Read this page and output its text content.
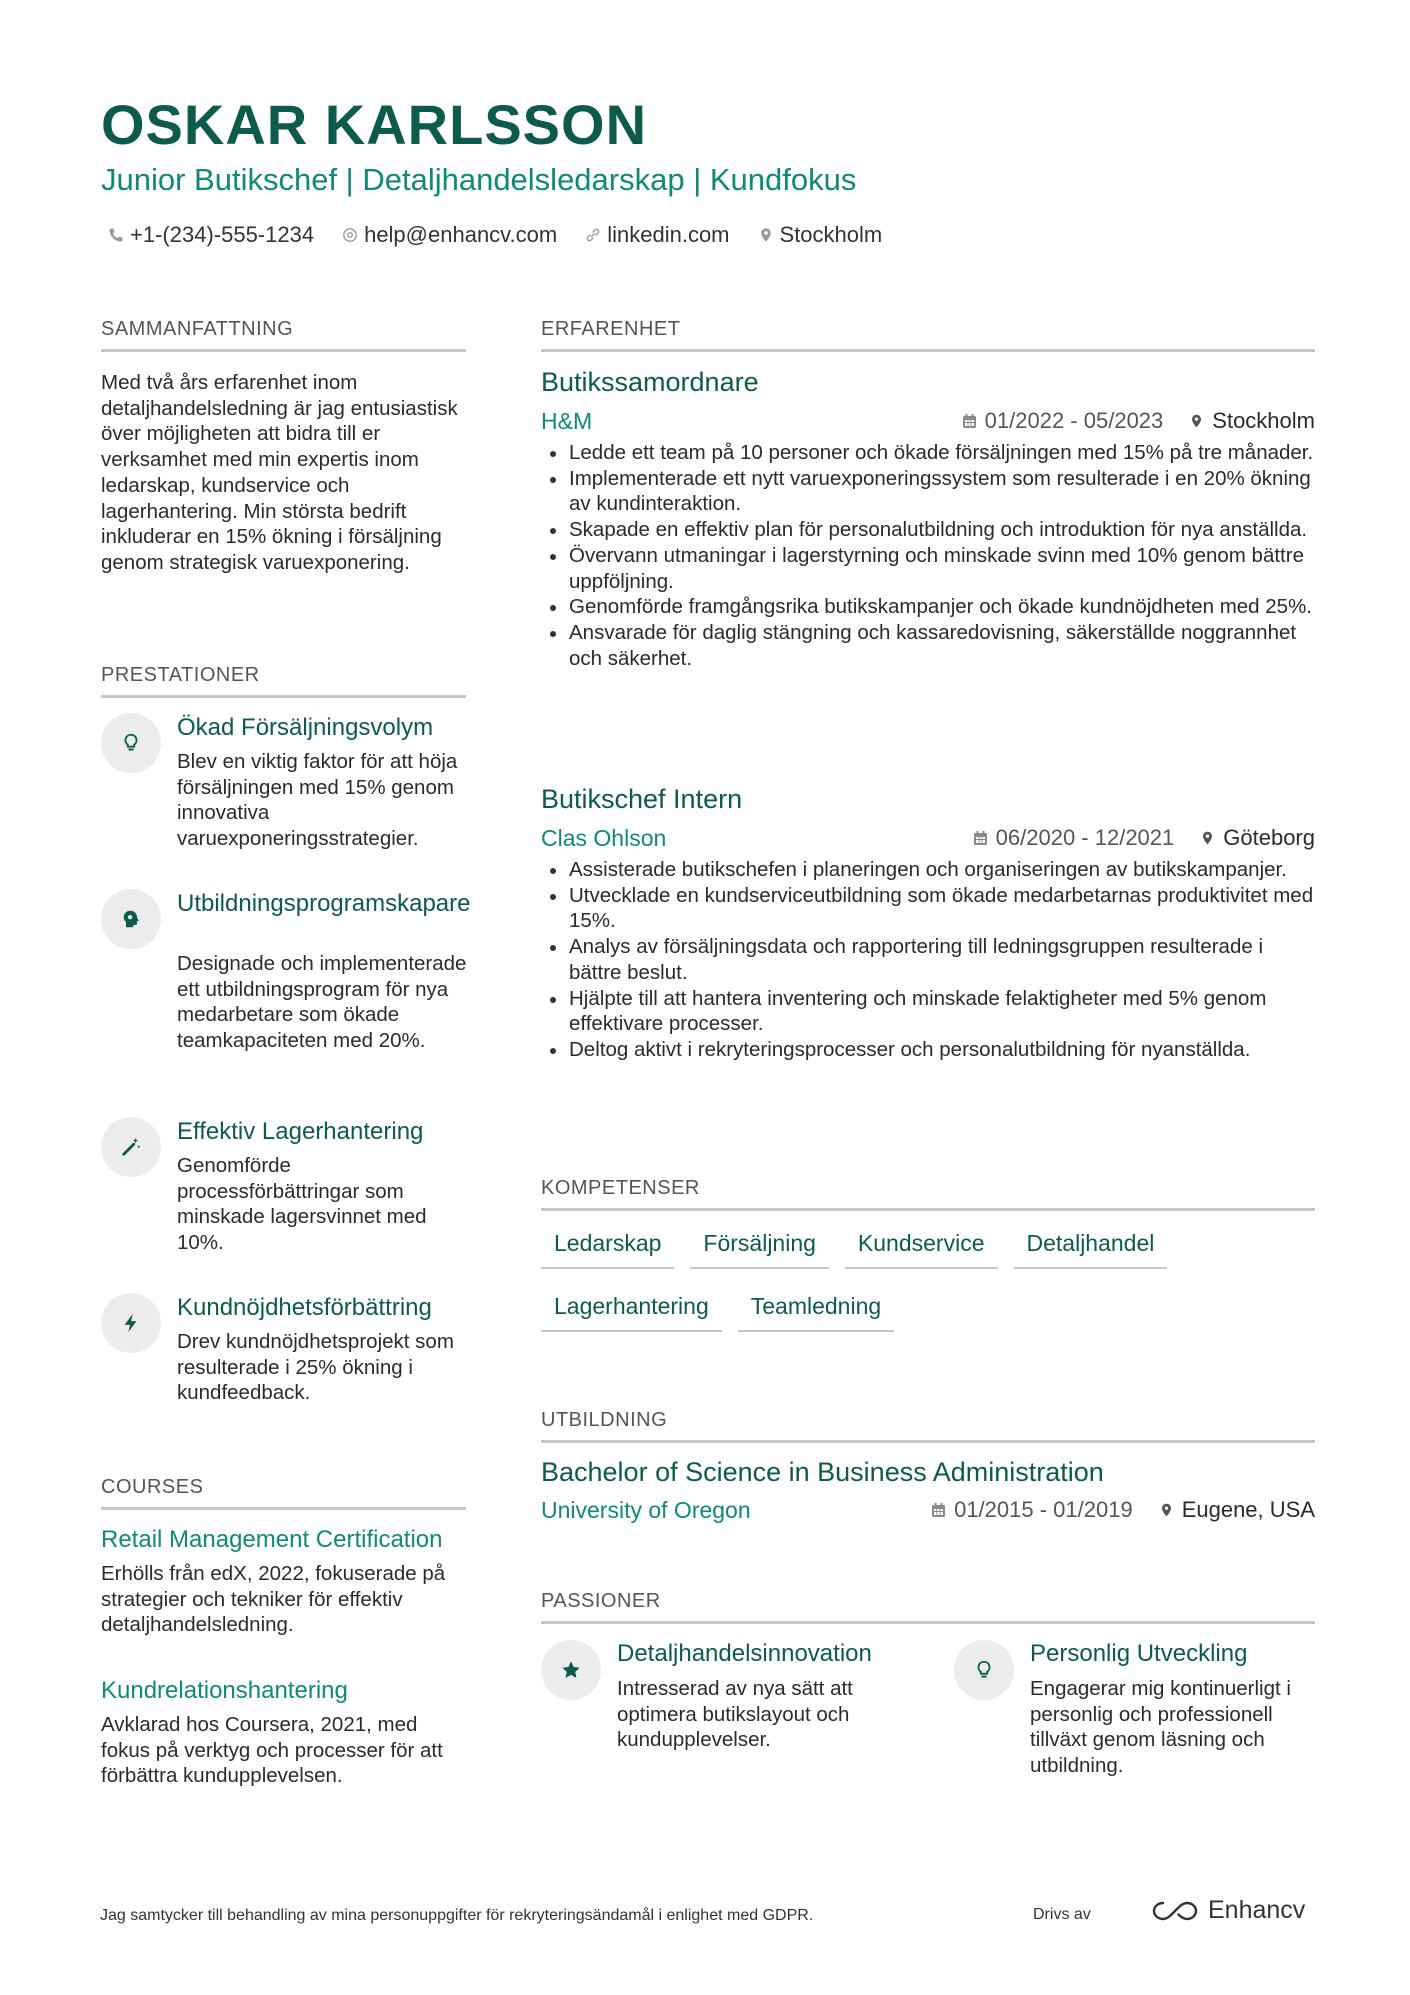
OSKAR KARLSSON
Junior Butikschef | Detaljhandelsledarskap | Kundfokus
+1-(234)-555-1234 help@enhancv.com linkedin.com Stockholm
SAMMANFATTNING
Med två års erfarenhet inom detaljhandelsledning är jag entusiastisk över möjligheten att bidra till er verksamhet med min expertis inom ledarskap, kundservice och lagerhantering. Min största bedrift inkluderar en 15% ökning i försäljning genom strategisk varuexponering.
PRESTATIONER
Ökad Försäljningsvolym
Blev en viktig faktor för att höja försäljningen med 15% genom innovativa varuexponeringsstrategier.
Utbildningsprogramskapare
Designade och implementerade ett utbildningsprogram för nya medarbetare som ökade teamkapaciteten med 20%.
Effektiv Lagerhantering
Genomförde processförbättringar som minskade lagersvinnet med 10%.
Kundnöjdhetsförbättring
Drev kundnöjdhetsprojekt som resulterade i 25% ökning i kundfeedback.
COURSES
Retail Management Certification
Erhölls från edX, 2022, fokuserade på strategier och tekniker för effektiv detaljhandelsledning.
Kundrelationshantering
Avklarad hos Coursera, 2021, med fokus på verktyg och processer för att förbättra kundupplevelsen.
ERFARENHET
Butikssamordnare
H&M	01/2022 - 05/2023 Stockholm
Ledde ett team på 10 personer och ökade försäljningen med 15% på tre månader.
Implementerade ett nytt varuexponeringssystem som resulterade i en 20% ökning av kundinteraktion.
Skapade en effektiv plan för personalutbildning och introduktion för nya anställda.
Övervann utmaningar i lagerstyrning och minskade svinn med 10% genom bättre uppföljning.
Genomförde framgångsrika butikskampanjer och ökade kundnöjdheten med 25%.
Ansvarade för daglig stängning och kassaredovisning, säkerställde noggrannhet och säkerhet.
Butikschef Intern
Clas Ohlson	06/2020 - 12/2021 Göteborg
Assisterade butikschefen i planeringen och organiseringen av butikskampanjer.
Utvecklade en kundserviceutbildning som ökade medarbetarnas produktivitet med 15%.
Analys av försäljningsdata och rapportering till ledningsgruppen resulterade i bättre beslut.
Hjälpte till att hantera inventering och minskade felaktigheter med 5% genom effektivare processer.
Deltog aktivt i rekryteringsprocesser och personalutbildning för nyanställda.
KOMPETENSER
Ledarskap	Försäljning	Kundservice	Detaljhandel
Lagerhantering	Teamledning
UTBILDNING
Bachelor of Science in Business Administration
University of Oregon	01/2015 - 01/2019 Eugene, USA
PASSIONER
Detaljhandelsinnovation
Intresserad av nya sätt att optimera butikslayout och kundupplevelser.
Personlig Utveckling
Engagerar mig kontinuerligt i personlig och professionell tillväxt genom läsning och utbildning.
Jag samtycker till behandling av mina personuppgifter för rekryteringsändamål i enlighet med GDPR.	Drivs av	Enhancv
